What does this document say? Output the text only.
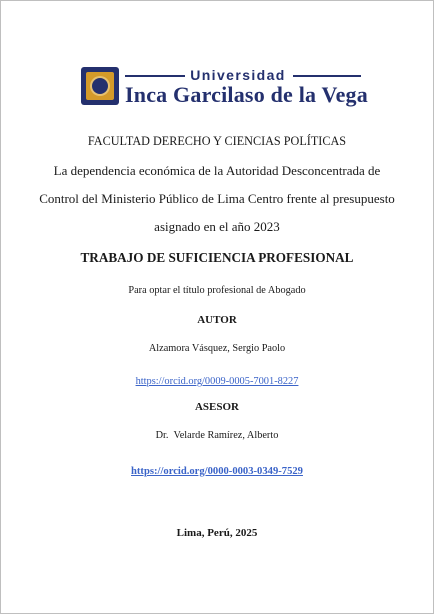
Universidad
Inca Garcilaso de la Vega
FACULTAD DERECHO Y CIENCIAS POLÍTICAS
La dependencia económica de la Autoridad Desconcentrada de
Control del Ministerio Público de Lima Centro frente al presupuesto
asignado en el año 2023
TRABAJO DE SUFICIENCIA PROFESIONAL
Para optar el título profesional de Abogado
AUTOR
Alzamora Vásquez, Sergio Paolo
https://orcid.org/0009-0005-7001-8227
ASESOR
Dr.  Velarde Ramírez, Alberto
https://orcid.org/0000-0003-0349-7529
Lima, Perú, 2025
